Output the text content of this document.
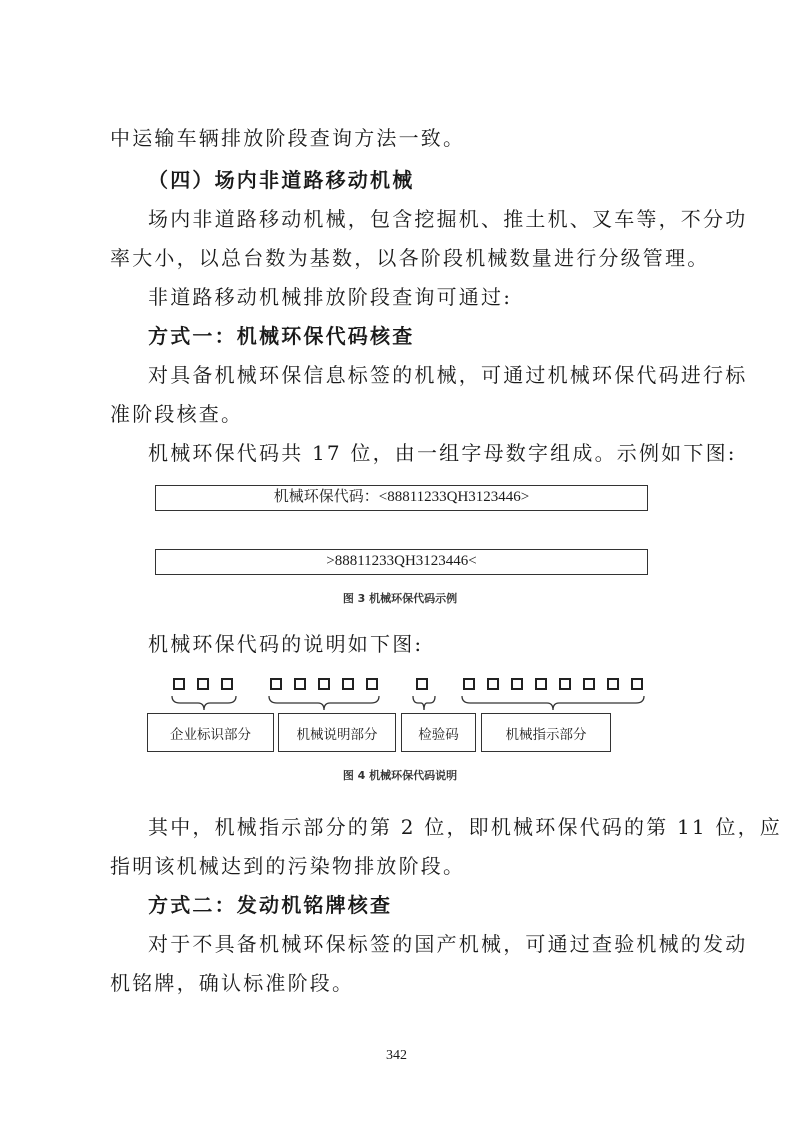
中运输车辆排放阶段查询方法一致。
（四）场内非道路移动机械
场内非道路移动机械，包含挖掘机、推土机、叉车等，不分功
率大小，以总台数为基数，以各阶段机械数量进行分级管理。
非道路移动机械排放阶段查询可通过:
方式一：机械环保代码核查
对具备机械环保信息标签的机械，可通过机械环保代码进行标
准阶段核查。
机械环保代码共 17 位，由一组字母数字组成。示例如下图:
机械环保代码：<88811233QH3123446>
>88811233QH3123446<
图 3 机械环保代码示例
机械环保代码的说明如下图:
企业标识部分	机械说明部分	检验码	机械指示部分
图 4 机械环保代码说明
其中，机械指示部分的第 2 位，即机械环保代码的第 11 位，应
指明该机械达到的污染物排放阶段。
方式二：发动机铭牌核查
对于不具备机械环保标签的国产机械，可通过查验机械的发动
机铭牌，确认标准阶段。
342
